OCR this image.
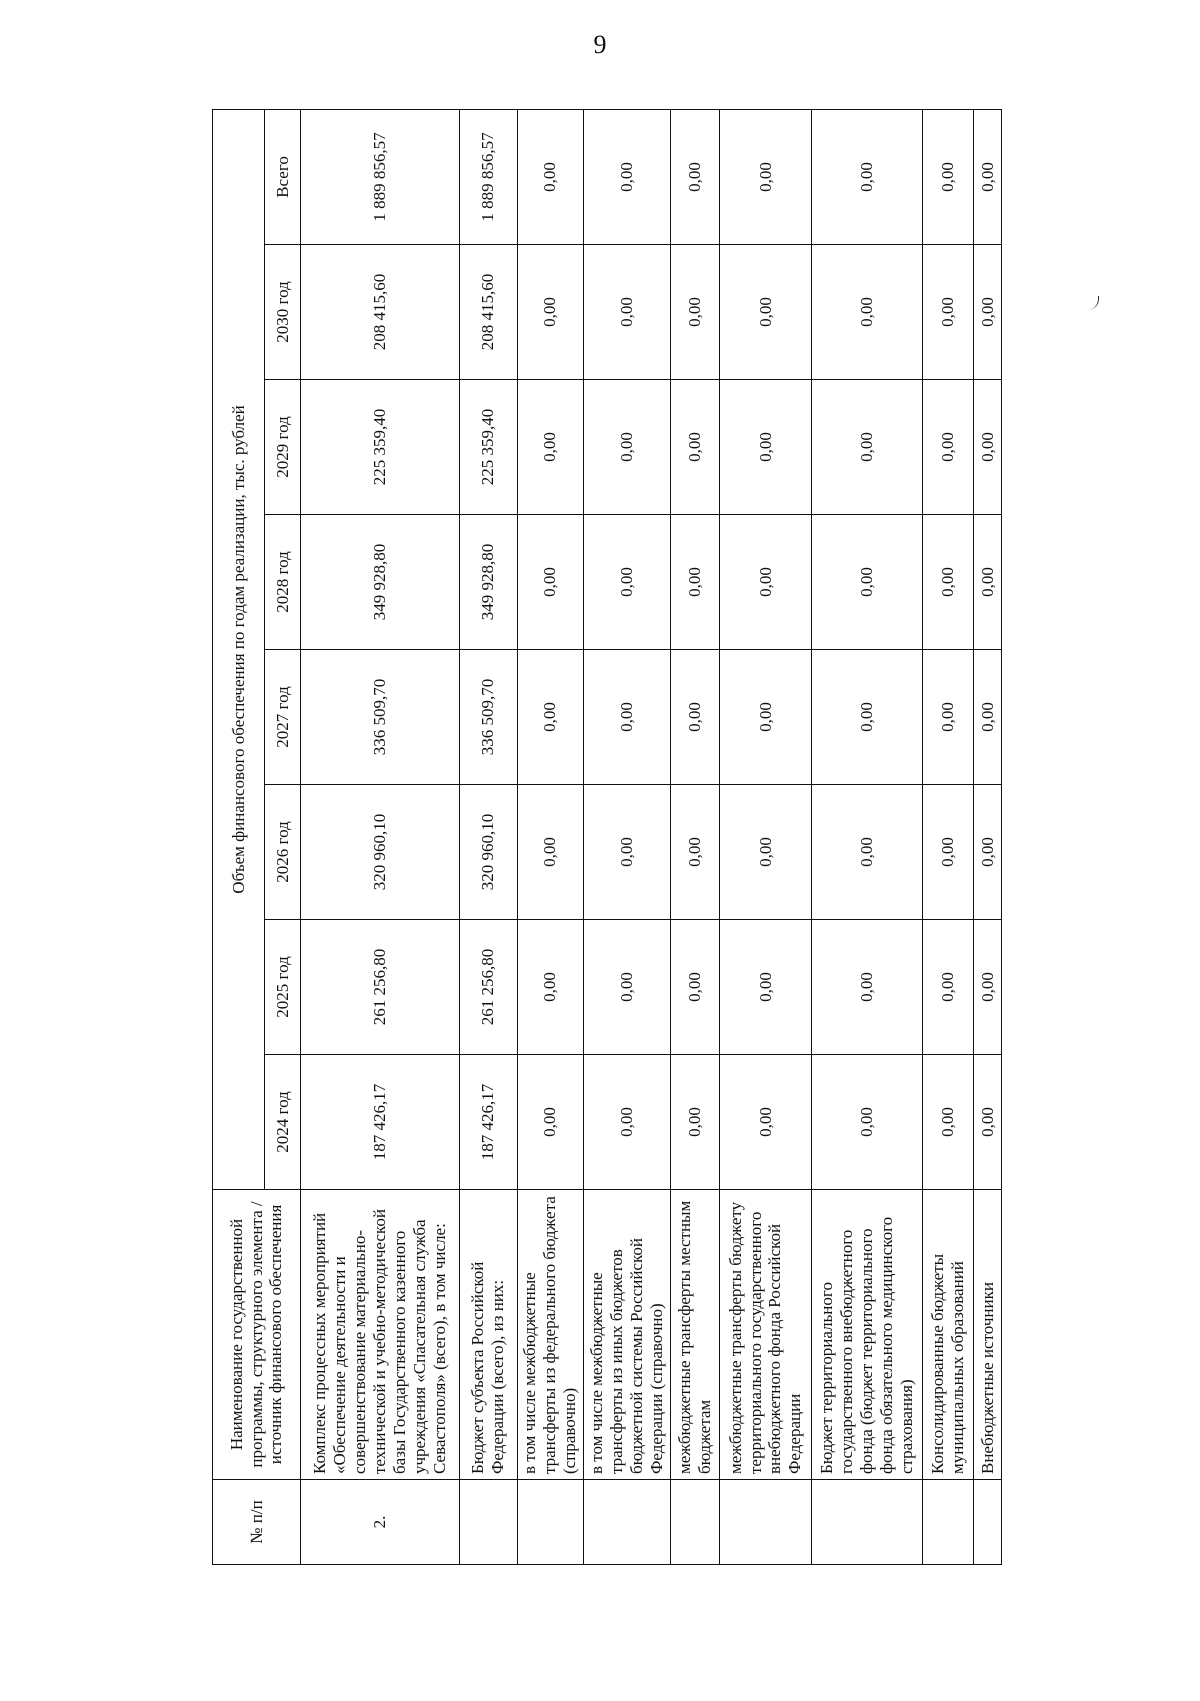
9
№ п/п	Наименование государственной программы, структурного элемента / источник финансового обеспечения	Объем финансового обеспечения по годам реализации, тыс. рублей							
		2024 год	2025 год	2026 год	2027 год	2028 год	2029 год	2030 год	Всего
2.	Комплекс процессных мероприятий «Обеспечение деятельности и совершенствование материально-технической и учебно-методической базы Государственного казенного учреждения «Спасательная служба Севастополя» (всего), в том числе:	187 426,17	261 256,80	320 960,10	336 509,70	349 928,80	225 359,40	208 415,60	1 889 856,57
	Бюджет субъекта Российской Федерации (всего), из них:	187 426,17	261 256,80	320 960,10	336 509,70	349 928,80	225 359,40	208 415,60	1 889 856,57
	в том числе межбюджетные трансферты из федерального бюджета (справочно)	0,00	0,00	0,00	0,00	0,00	0,00	0,00	0,00
	в том числе межбюджетные трансферты из иных бюджетов бюджетной системы Российской Федерации (справочно)	0,00	0,00	0,00	0,00	0,00	0,00	0,00	0,00
	межбюджетные трансферты местным бюджетам	0,00	0,00	0,00	0,00	0,00	0,00	0,00	0,00
	межбюджетные трансферты бюджету территориального государственного внебюджетного фонда Российской Федерации	0,00	0,00	0,00	0,00	0,00	0,00	0,00	0,00
	Бюджет территориального государственного внебюджетного фонда (бюджет территориального фонда обязательного медицинского страхования)	0,00	0,00	0,00	0,00	0,00	0,00	0,00	0,00
	Консолидированные бюджеты муниципальных образований	0,00	0,00	0,00	0,00	0,00	0,00	0,00	0,00
	Внебюджетные источники	0,00	0,00	0,00	0,00	0,00	0,00	0,00	0,00
